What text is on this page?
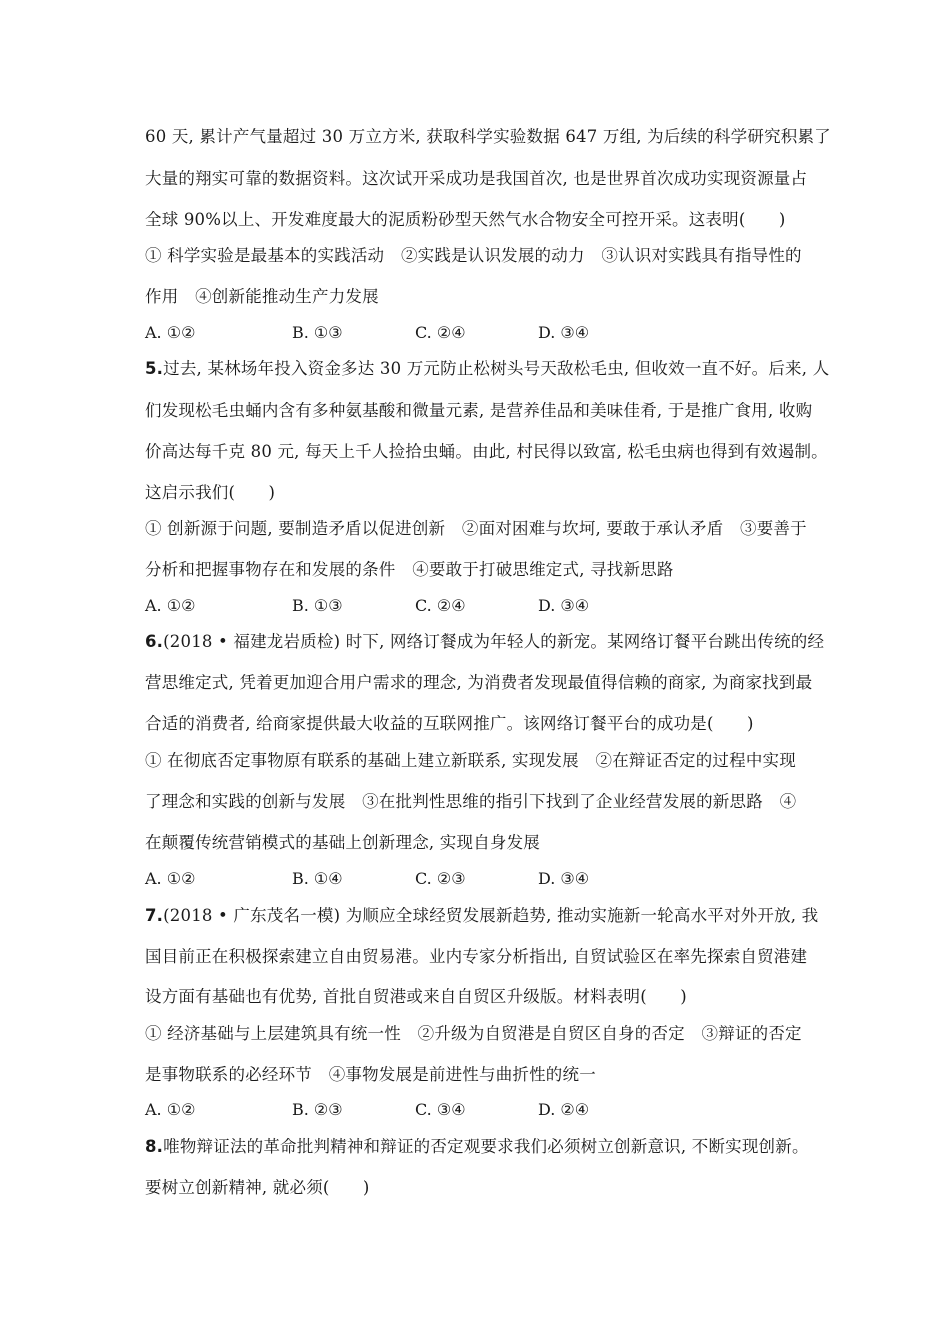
60 天, 累计产气量超过 30 万立方米, 获取科学实验数据 647 万组, 为后续的科学研究积累了
大量的翔实可靠的数据资料。这次试开采成功是我国首次, 也是世界首次成功实现资源量占
全球 90%以上、开发难度最大的泥质粉砂型天然气水合物安全可控开采。这表明(　　)
① 科学实验是最基本的实践活动　②实践是认识发展的动力　③认识对实践具有指导性的
作用　④创新能推动生产力发展
A. ①②	B. ①③	C. ②④	D. ③④
5.过去, 某林场年投入资金多达 30 万元防止松树头号天敌松毛虫, 但收效一直不好。后来, 人
们发现松毛虫蛹内含有多种氨基酸和微量元素, 是营养佳品和美味佳肴, 于是推广食用, 收购
价高达每千克 80 元, 每天上千人捡拾虫蛹。由此, 村民得以致富, 松毛虫病也得到有效遏制。
这启示我们(　　)
① 创新源于问题, 要制造矛盾以促进创新　②面对困难与坎坷, 要敢于承认矛盾　③要善于
分析和把握事物存在和发展的条件　④要敢于打破思维定式, 寻找新思路
A. ①②	B. ①③	C. ②④	D. ③④
6.(2018 • 福建龙岩质检) 时下, 网络订餐成为年轻人的新宠。某网络订餐平台跳出传统的经
营思维定式, 凭着更加迎合用户需求的理念, 为消费者发现最值得信赖的商家, 为商家找到最
合适的消费者, 给商家提供最大收益的互联网推广。该网络订餐平台的成功是(　　)
① 在彻底否定事物原有联系的基础上建立新联系, 实现发展　②在辩证否定的过程中实现
了理念和实践的创新与发展　③在批判性思维的指引下找到了企业经营发展的新思路　④
在颠覆传统营销模式的基础上创新理念, 实现自身发展
A. ①②	B. ①④	C. ②③	D. ③④
7.(2018 • 广东茂名一模) 为顺应全球经贸发展新趋势, 推动实施新一轮高水平对外开放, 我
国目前正在积极探索建立自由贸易港。业内专家分析指出, 自贸试验区在率先探索自贸港建
设方面有基础也有优势, 首批自贸港或来自自贸区升级版。材料表明(　　)
① 经济基础与上层建筑具有统一性　②升级为自贸港是自贸区自身的否定　③辩证的否定
是事物联系的必经环节　④事物发展是前进性与曲折性的统一
A. ①②	B. ②③	C. ③④	D. ②④
8.唯物辩证法的革命批判精神和辩证的否定观要求我们必须树立创新意识, 不断实现创新。
要树立创新精神, 就必须(　　)
